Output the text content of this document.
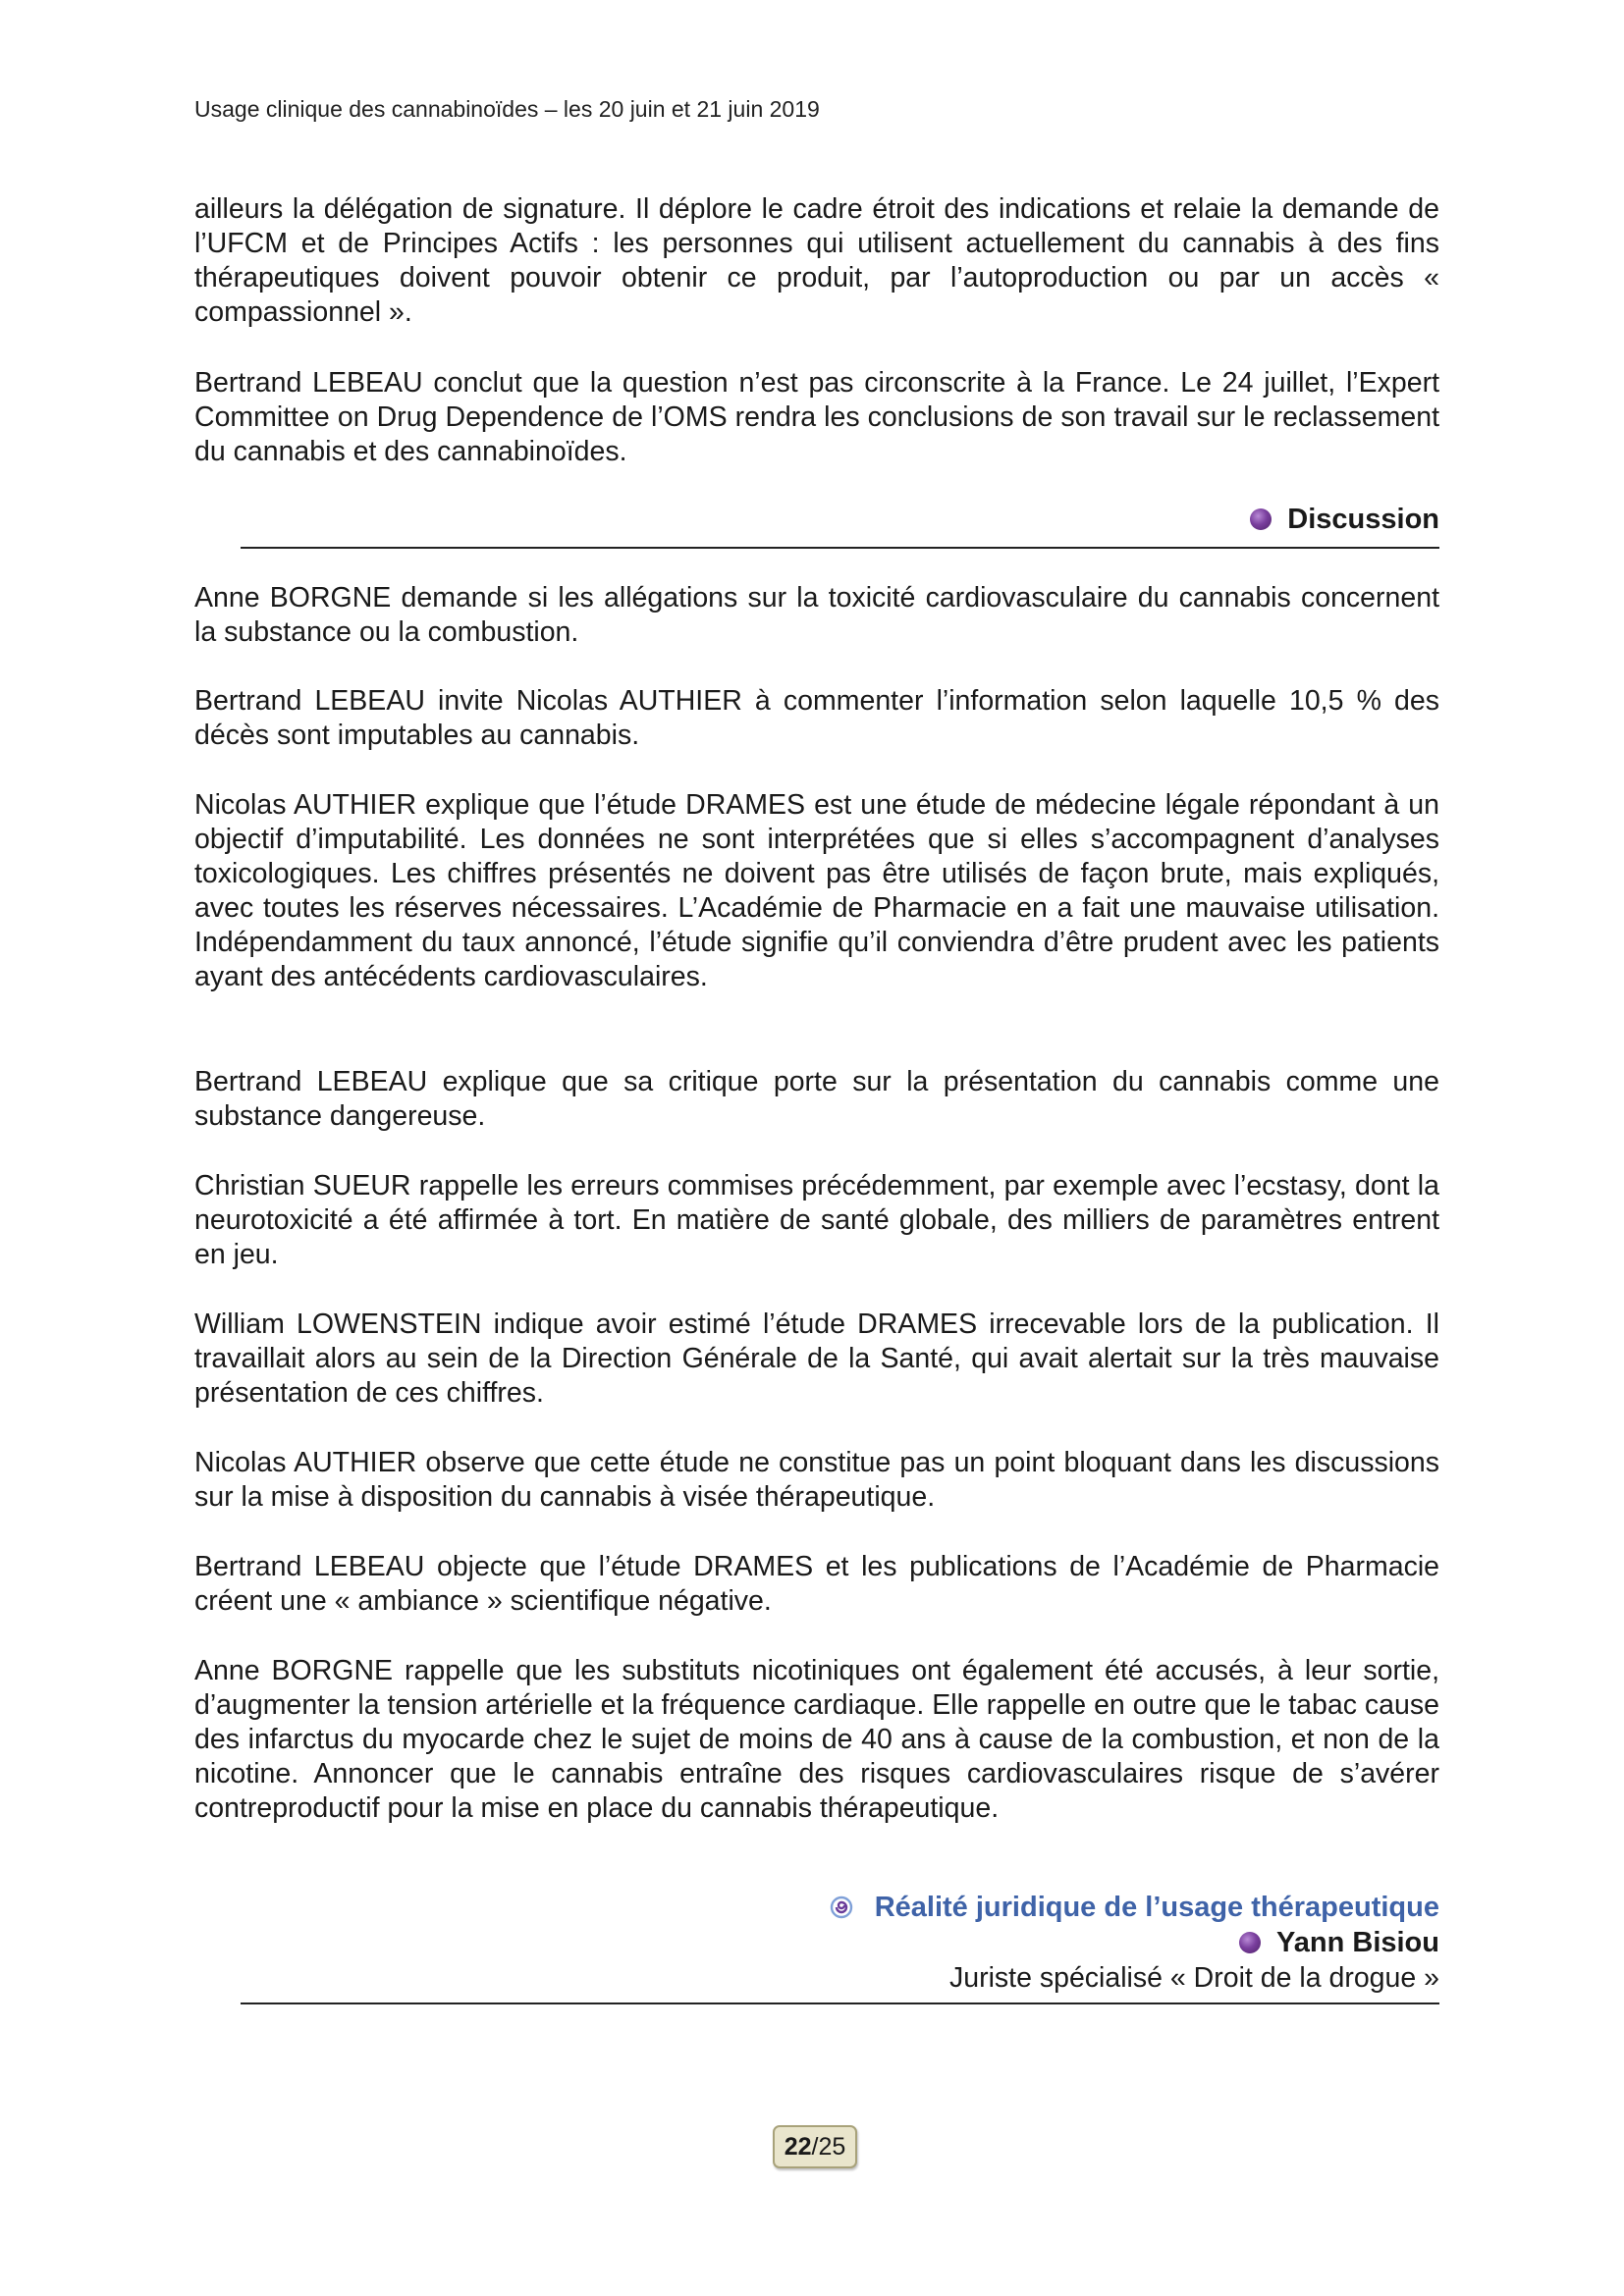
Usage clinique des cannabinoïdes – les 20 juin et 21 juin 2019

ailleurs la délégation de signature. Il déplore le cadre étroit des indications et relaie la demande de l’UFCM et de Principes Actifs : les personnes qui utilisent actuellement du cannabis à des fins thérapeutiques doivent pouvoir obtenir ce produit, par l’autoproduction ou par un accès « compassionnel ».

Bertrand LEBEAU conclut que la question n’est pas circonscrite à la France. Le 24 juillet, l’Expert Committee on Drug Dependence de l’OMS rendra les conclusions de son travail sur le reclassement du cannabis et des cannabinoïdes.

Discussion

Anne BORGNE demande si les allégations sur la toxicité cardiovasculaire du cannabis concernent la substance ou la combustion.

Bertrand LEBEAU invite Nicolas AUTHIER à commenter l’information selon laquelle 10,5 % des décès sont imputables au cannabis.

Nicolas AUTHIER explique que l’étude DRAMES est une étude de médecine légale répondant à un objectif d’imputabilité. Les données ne sont interprétées que si elles s’accompagnent d’analyses toxicologiques. Les chiffres présentés ne doivent pas être utilisés de façon brute, mais expliqués, avec toutes les réserves nécessaires. L’Académie de Pharmacie en a fait une mauvaise utilisation. Indépendamment du taux annoncé, l’étude signifie qu’il conviendra d’être prudent avec les patients ayant des antécédents cardiovasculaires.

Bertrand LEBEAU explique que sa critique porte sur la présentation du cannabis comme une substance dangereuse.

Christian SUEUR rappelle les erreurs commises précédemment, par exemple avec l’ecstasy, dont la neurotoxicité a été affirmée à tort. En matière de santé globale, des milliers de paramètres entrent en jeu.

William LOWENSTEIN indique avoir estimé l’étude DRAMES irrecevable lors de la publication. Il travaillait alors au sein de la Direction Générale de la Santé, qui avait alertait sur la très mauvaise présentation de ces chiffres.

Nicolas AUTHIER observe que cette étude ne constitue pas un point bloquant dans les discussions sur la mise à disposition du cannabis à visée thérapeutique.

Bertrand LEBEAU objecte que l’étude DRAMES et les publications de l’Académie de Pharmacie créent une « ambiance » scientifique négative.

Anne BORGNE rappelle que les substituts nicotiniques ont également été accusés, à leur sortie, d’augmenter la tension artérielle et la fréquence cardiaque. Elle rappelle en outre que le tabac cause des infarctus du myocarde chez le sujet de moins de 40 ans à cause de la combustion, et non de la nicotine. Annoncer que le cannabis entraîne des risques cardiovasculaires risque de s’avérer contreproductif pour la mise en place du cannabis thérapeutique.

Réalité juridique de l’usage thérapeutique
Yann Bisiou
Juriste spécialisé « Droit de la drogue »
22/25
